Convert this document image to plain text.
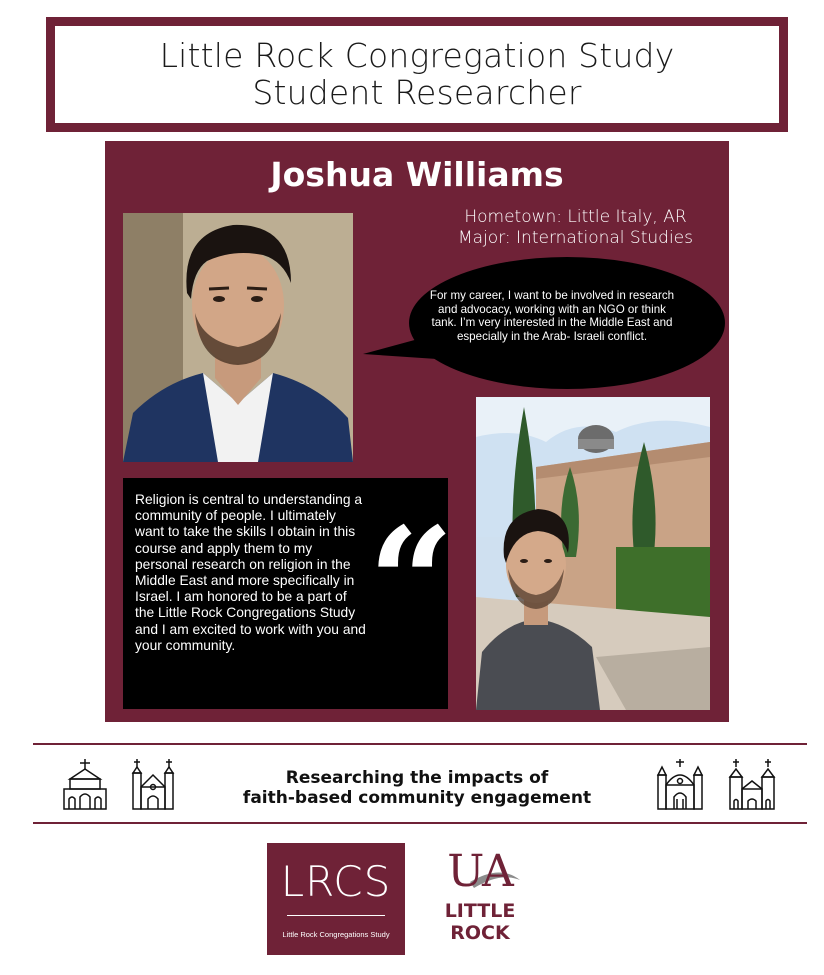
Little Rock Congregation Study
Student Researcher
Joshua Williams
Hometown: Little Italy, AR
Major: International Studies
For my career, I want to be involved in research and advocacy, working with an NGO or think tank. I’m very interested in the Middle East and especially in the Arab- Israeli conflict.
Religion is central to understanding a community of people. I ultimately want to take the skills I obtain in this course and apply them to my personal research on religion in the Middle East and more specifically in Israel. I am honored to be a part of the Little Rock Congregations Study and I am excited to work with you and your community. “
Researching the impacts of
faith-based community engagement
LRCS
Little Rock Congregations Study
UA
LITTLE
ROCK
